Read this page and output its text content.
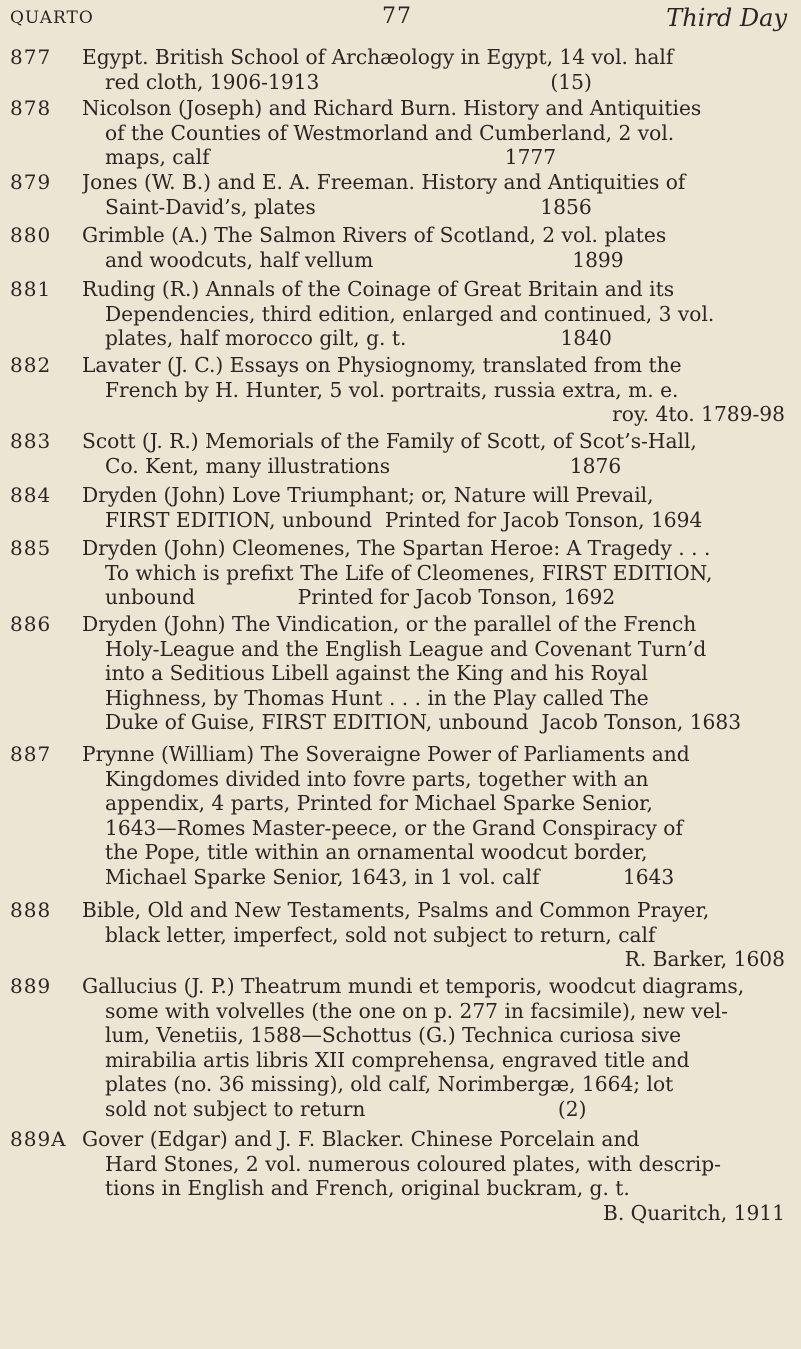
QUARTO	77	Third Day
877 Egypt. British School of Archæology in Egypt, 14 vol. half
red cloth, 1906-1913                                    (15)
878 Nicolson (Joseph) and Richard Burn. History and Antiquities
of the Counties of Westmorland and Cumberland, 2 vol.
maps, calf                                              1777
879 Jones (W. B.) and E. A. Freeman. History and Antiquities of
Saint-David’s, plates                                   1856
880 Grimble (A.) The Salmon Rivers of Scotland, 2 vol. plates
and woodcuts, half vellum                               1899
881 Ruding (R.) Annals of the Coinage of Great Britain and its
Dependencies, third edition, enlarged and continued, 3 vol.
plates, half morocco gilt, g. t.                        1840
882 Lavater (J. C.) Essays on Physiognomy, translated from the
French by H. Hunter, 5 vol. portraits, russia extra, m. e.
roy. 4to. 1789-98
883 Scott (J. R.) Memorials of the Family of Scott, of Scot’s-Hall,
Co. Kent, many illustrations                            1876
884 Dryden (John) Love Triumphant; or, Nature will Prevail,
FIRST EDITION, unbound  Printed for Jacob Tonson, 1694
885 Dryden (John) Cleomenes, The Spartan Heroe: A Tragedy . . .
To which is prefixt The Life of Cleomenes, FIRST EDITION,
unbound                Printed for Jacob Tonson, 1692
886 Dryden (John) The Vindication, or the parallel of the French
Holy-League and the English League and Covenant Turn’d
into a Seditious Libell against the King and his Royal
Highness, by Thomas Hunt . . . in the Play called The
Duke of Guise, FIRST EDITION, unbound  Jacob Tonson, 1683
887 Prynne (William) The Soveraigne Power of Parliaments and
Kingdomes divided into fovre parts, together with an
appendix, 4 parts, Printed for Michael Sparke Senior,
1643—Romes Master-peece, or the Grand Conspiracy of
the Pope, title within an ornamental woodcut border,
Michael Sparke Senior, 1643, in 1 vol. calf             1643
888 Bible, Old and New Testaments, Psalms and Common Prayer,
black letter, imperfect, sold not subject to return, calf
R. Barker, 1608
889 Gallucius (J. P.) Theatrum mundi et temporis, woodcut diagrams,
some with volvelles (the one on p. 277 in facsimile), new vel-
lum, Venetiis, 1588—Schottus (G.) Technica curiosa sive
mirabilia artis libris XII comprehensa, engraved title and
plates (no. 36 missing), old calf, Norimbergæ, 1664; lot
sold not subject to return                              (2)
889A Gover (Edgar) and J. F. Blacker. Chinese Porcelain and
Hard Stones, 2 vol. numerous coloured plates, with descrip-
tions in English and French, original buckram, g. t.
B. Quaritch, 1911
